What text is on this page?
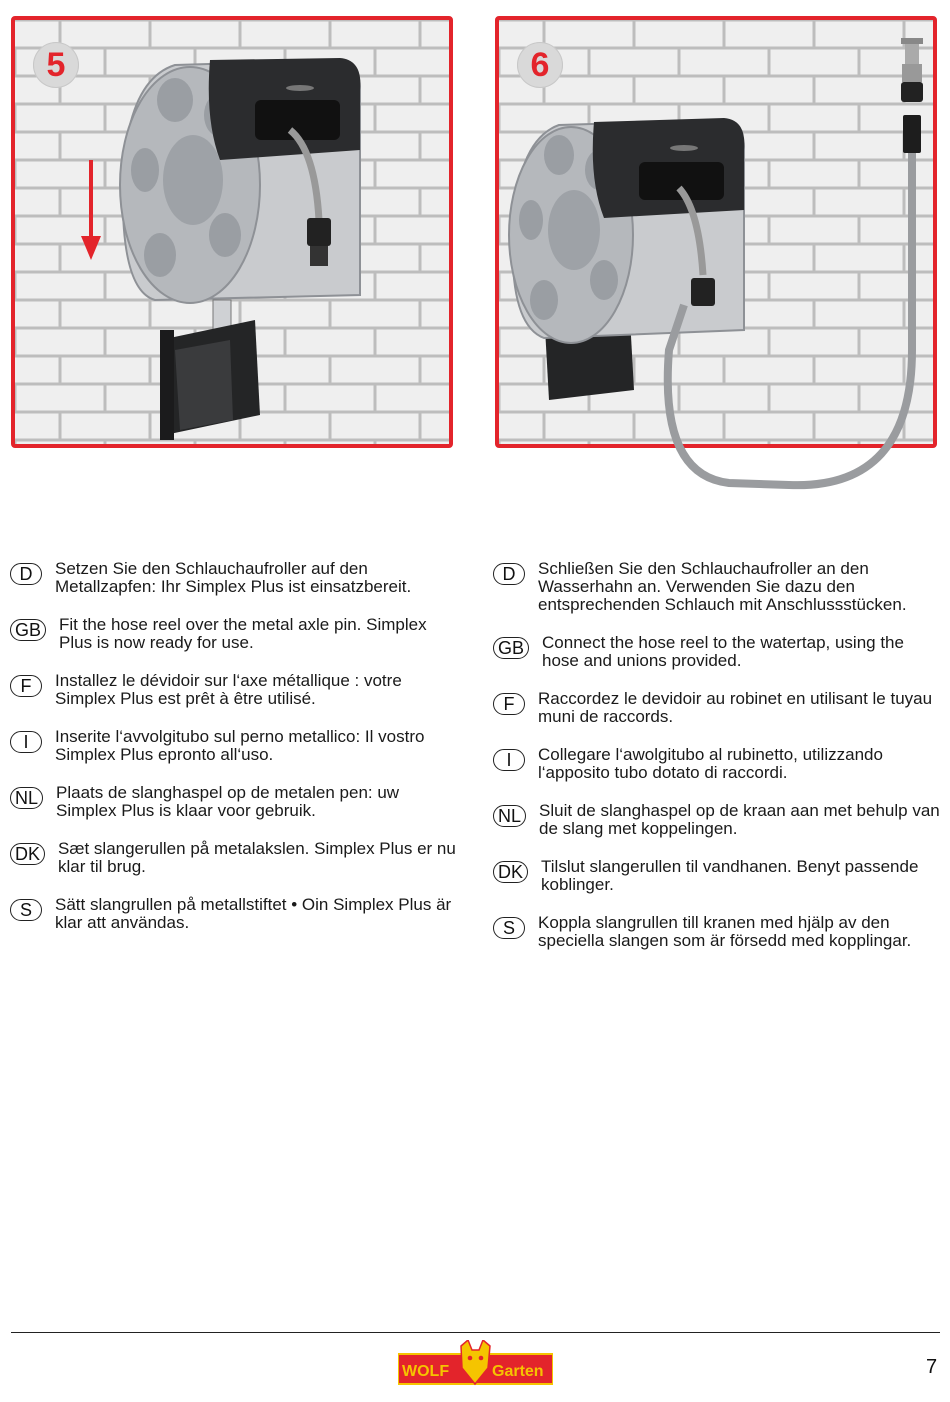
5	6
D	Setzen Sie den Schlauchaufroller auf den Metallzapfen: Ihr Simplex Plus ist einsatzbereit.
GB Fit the hose reel over the metal axle pin. Simplex Plus is now ready for use.
F	Installez le dévidoir sur l‘axe métallique : votre Simplex Plus est prêt à être utilisé.
I	Inserite l‘avvolgitubo sul perno metallico: Il vostro Simplex Plus epronto all‘uso.
NL Plaats de slanghaspel op de metalen pen: uw Simplex Plus is klaar voor gebruik.
DK Sæt slangerullen på metalakslen. Simplex Plus er nu klar til brug.
S	Sätt slangrullen på metallstiftet • Oin Simplex Plus är klar att användas.
D	Schließen Sie den Schlauchaufroller an den Wasserhahn an. Verwenden Sie dazu den entsprechenden Schlauch mit Anschlussstücken.
GB Connect the hose reel to the watertap, using the hose and unions provided.
F	Raccordez le devidoir au robinet en utilisant le tuyau muni de raccords.
I	Collegare l‘awolgitubo al rubinetto, utilizzando l‘apposito tubo dotato di raccordi.
NL Sluit de slanghaspel op de kraan aan met behulp van de slang met koppelingen.
DK Tilslut slangerullen til vandhanen. Benyt passende koblinger.
S	Koppla slangrullen till kranen med hjälp av den speciella slangen som är försedd med kopplingar.
WOLF	Garten	7
